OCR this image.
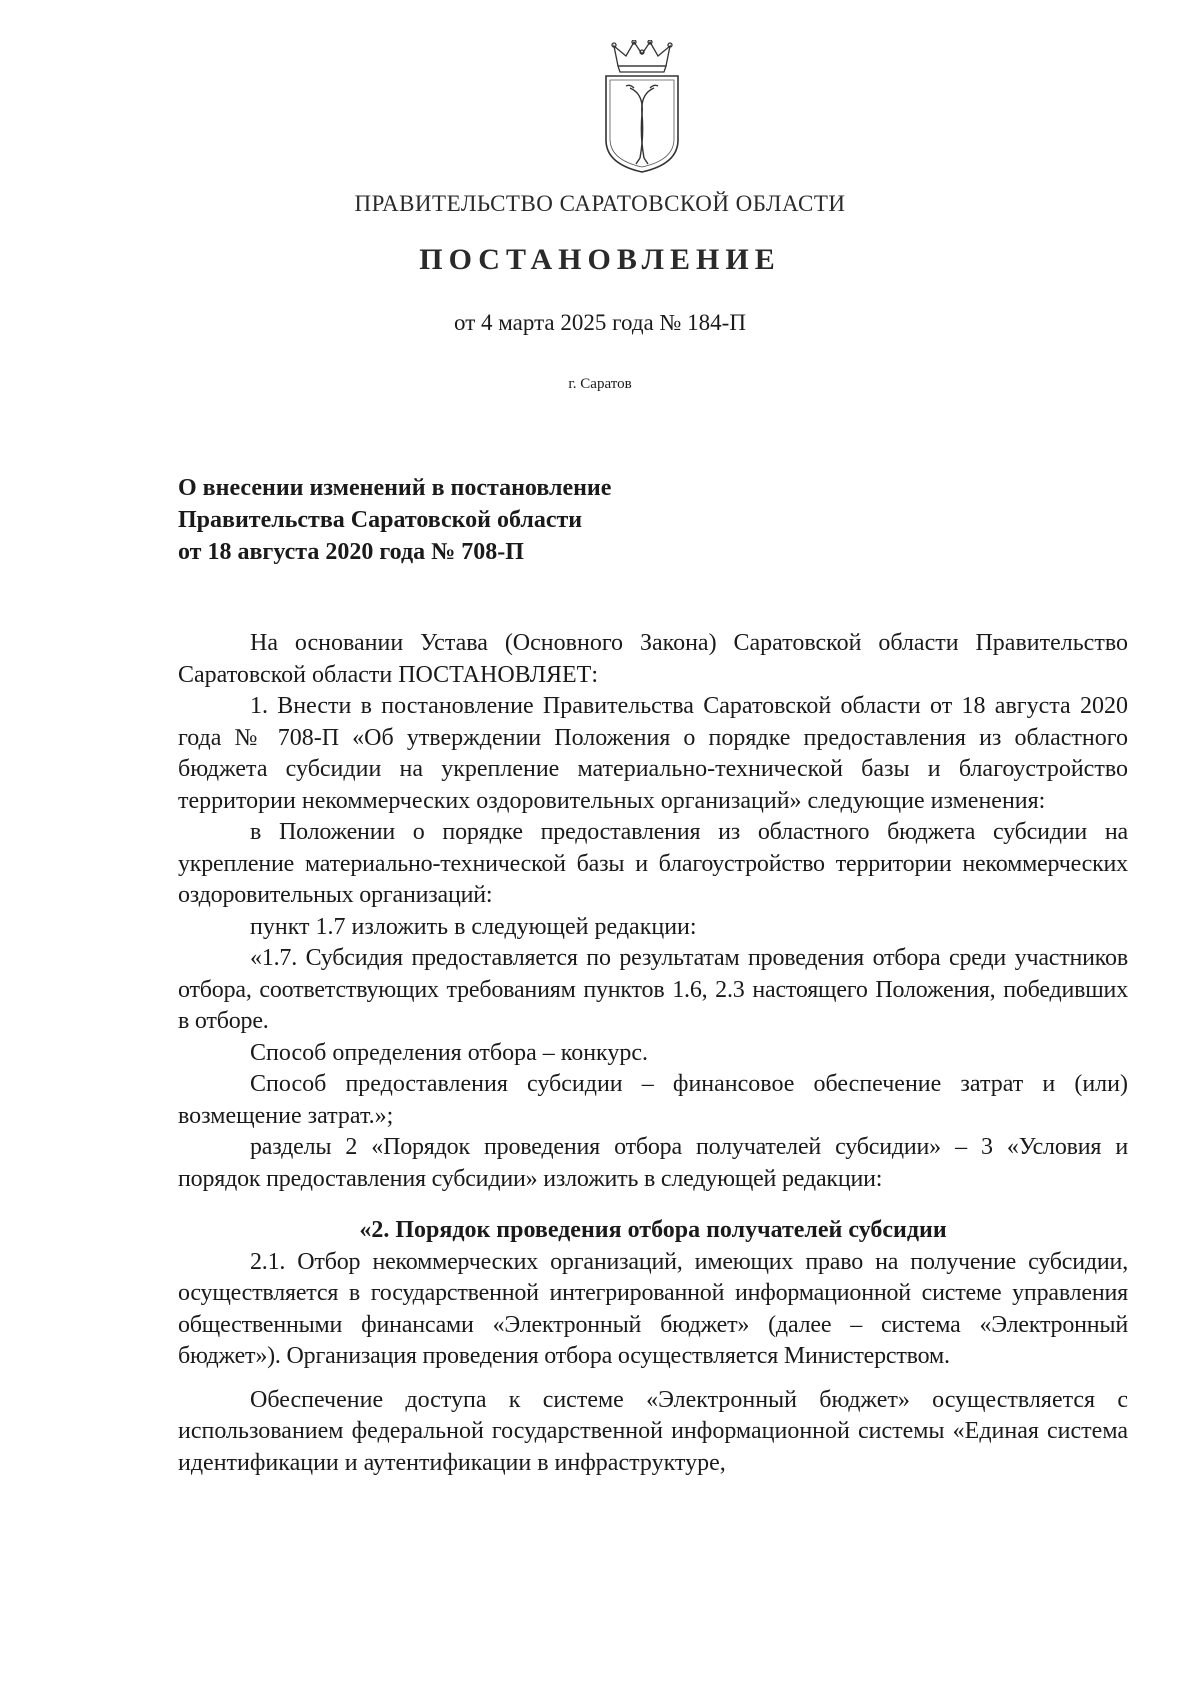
ПРАВИТЕЛЬСТВО САРАТОВСКОЙ ОБЛАСТИ
ПОСТАНОВЛЕНИЕ
от 4 марта 2025 года № 184-П
г. Саратов
О внесении изменений в постановление
Правительства Саратовской области
от 18 августа 2020 года № 708-П

На основании Устава (Основного Закона) Саратовской области Правительство Саратовской области ПОСТАНОВЛЯЕТ:

1. Внести в постановление Правительства Саратовской области от 18 августа 2020 года № 708-П «Об утверждении Положения о порядке предоставления из областного бюджета субсидии на укрепление материально-технической базы и благоустройство территории некоммерческих оздоровительных организаций» следующие изменения:

в Положении о порядке предоставления из областного бюджета субсидии на укрепление материально-технической базы и благоустройство территории некоммерческих оздоровительных организаций:

пункт 1.7 изложить в следующей редакции:

«1.7. Субсидия предоставляется по результатам проведения отбора среди участников отбора, соответствующих требованиям пунктов 1.6, 2.3 настоящего Положения, победивших в отборе.

Способ определения отбора – конкурс.

Способ предоставления субсидии – финансовое обеспечение затрат и (или) возмещение затрат.»;

разделы 2 «Порядок проведения отбора получателей субсидии» – 3 «Условия и порядок предоставления субсидии» изложить в следующей редакции:

«2. Порядок проведения отбора получателей субсидии

2.1. Отбор некоммерческих организаций, имеющих право на получение субсидии, осуществляется в государственной интегрированной информационной системе управления общественными финансами «Электронный бюджет» (далее – система «Электронный бюджет»). Организация проведения отбора осуществляется Министерством.

Обеспечение доступа к системе «Электронный бюджет» осуществляется с использованием федеральной государственной информационной системы «Единая система идентификации и аутентификации в инфраструктуре,
